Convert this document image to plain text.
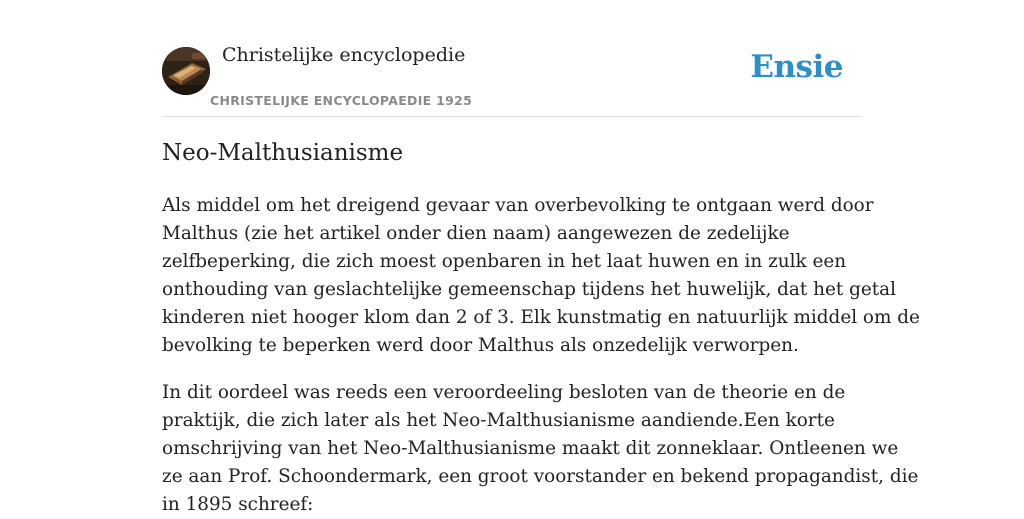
Christelijke encyclopedie
CHRISTELIJKE ENCYCLOPAEDIE 1925
Ensie
Neo-Malthusianisme

Als middel om het dreigend gevaar van overbevolking te ontgaan werd door
Malthus (zie het artikel onder dien naam) aangewezen de zedelijke
zelfbeperking, die zich moest openbaren in het laat huwen en in zulk een
onthouding van geslachtelijke gemeenschap tijdens het huwelijk, dat het getal
kinderen niet hooger klom dan 2 of 3. Elk kunstmatig en natuurlijk middel om de
bevolking te beperken werd door Malthus als onzedelijk verworpen.

In dit oordeel was reeds een veroordeeling besloten van de theorie en de
praktijk, die zich later als het Neo-Malthusianisme aandiende.Een korte
omschrijving van het Neo-Malthusianisme maakt dit zonneklaar. Ontleenen we
ze aan Prof. Schoondermark, een groot voorstander en bekend propagandist, die
in 1895 schreef:
